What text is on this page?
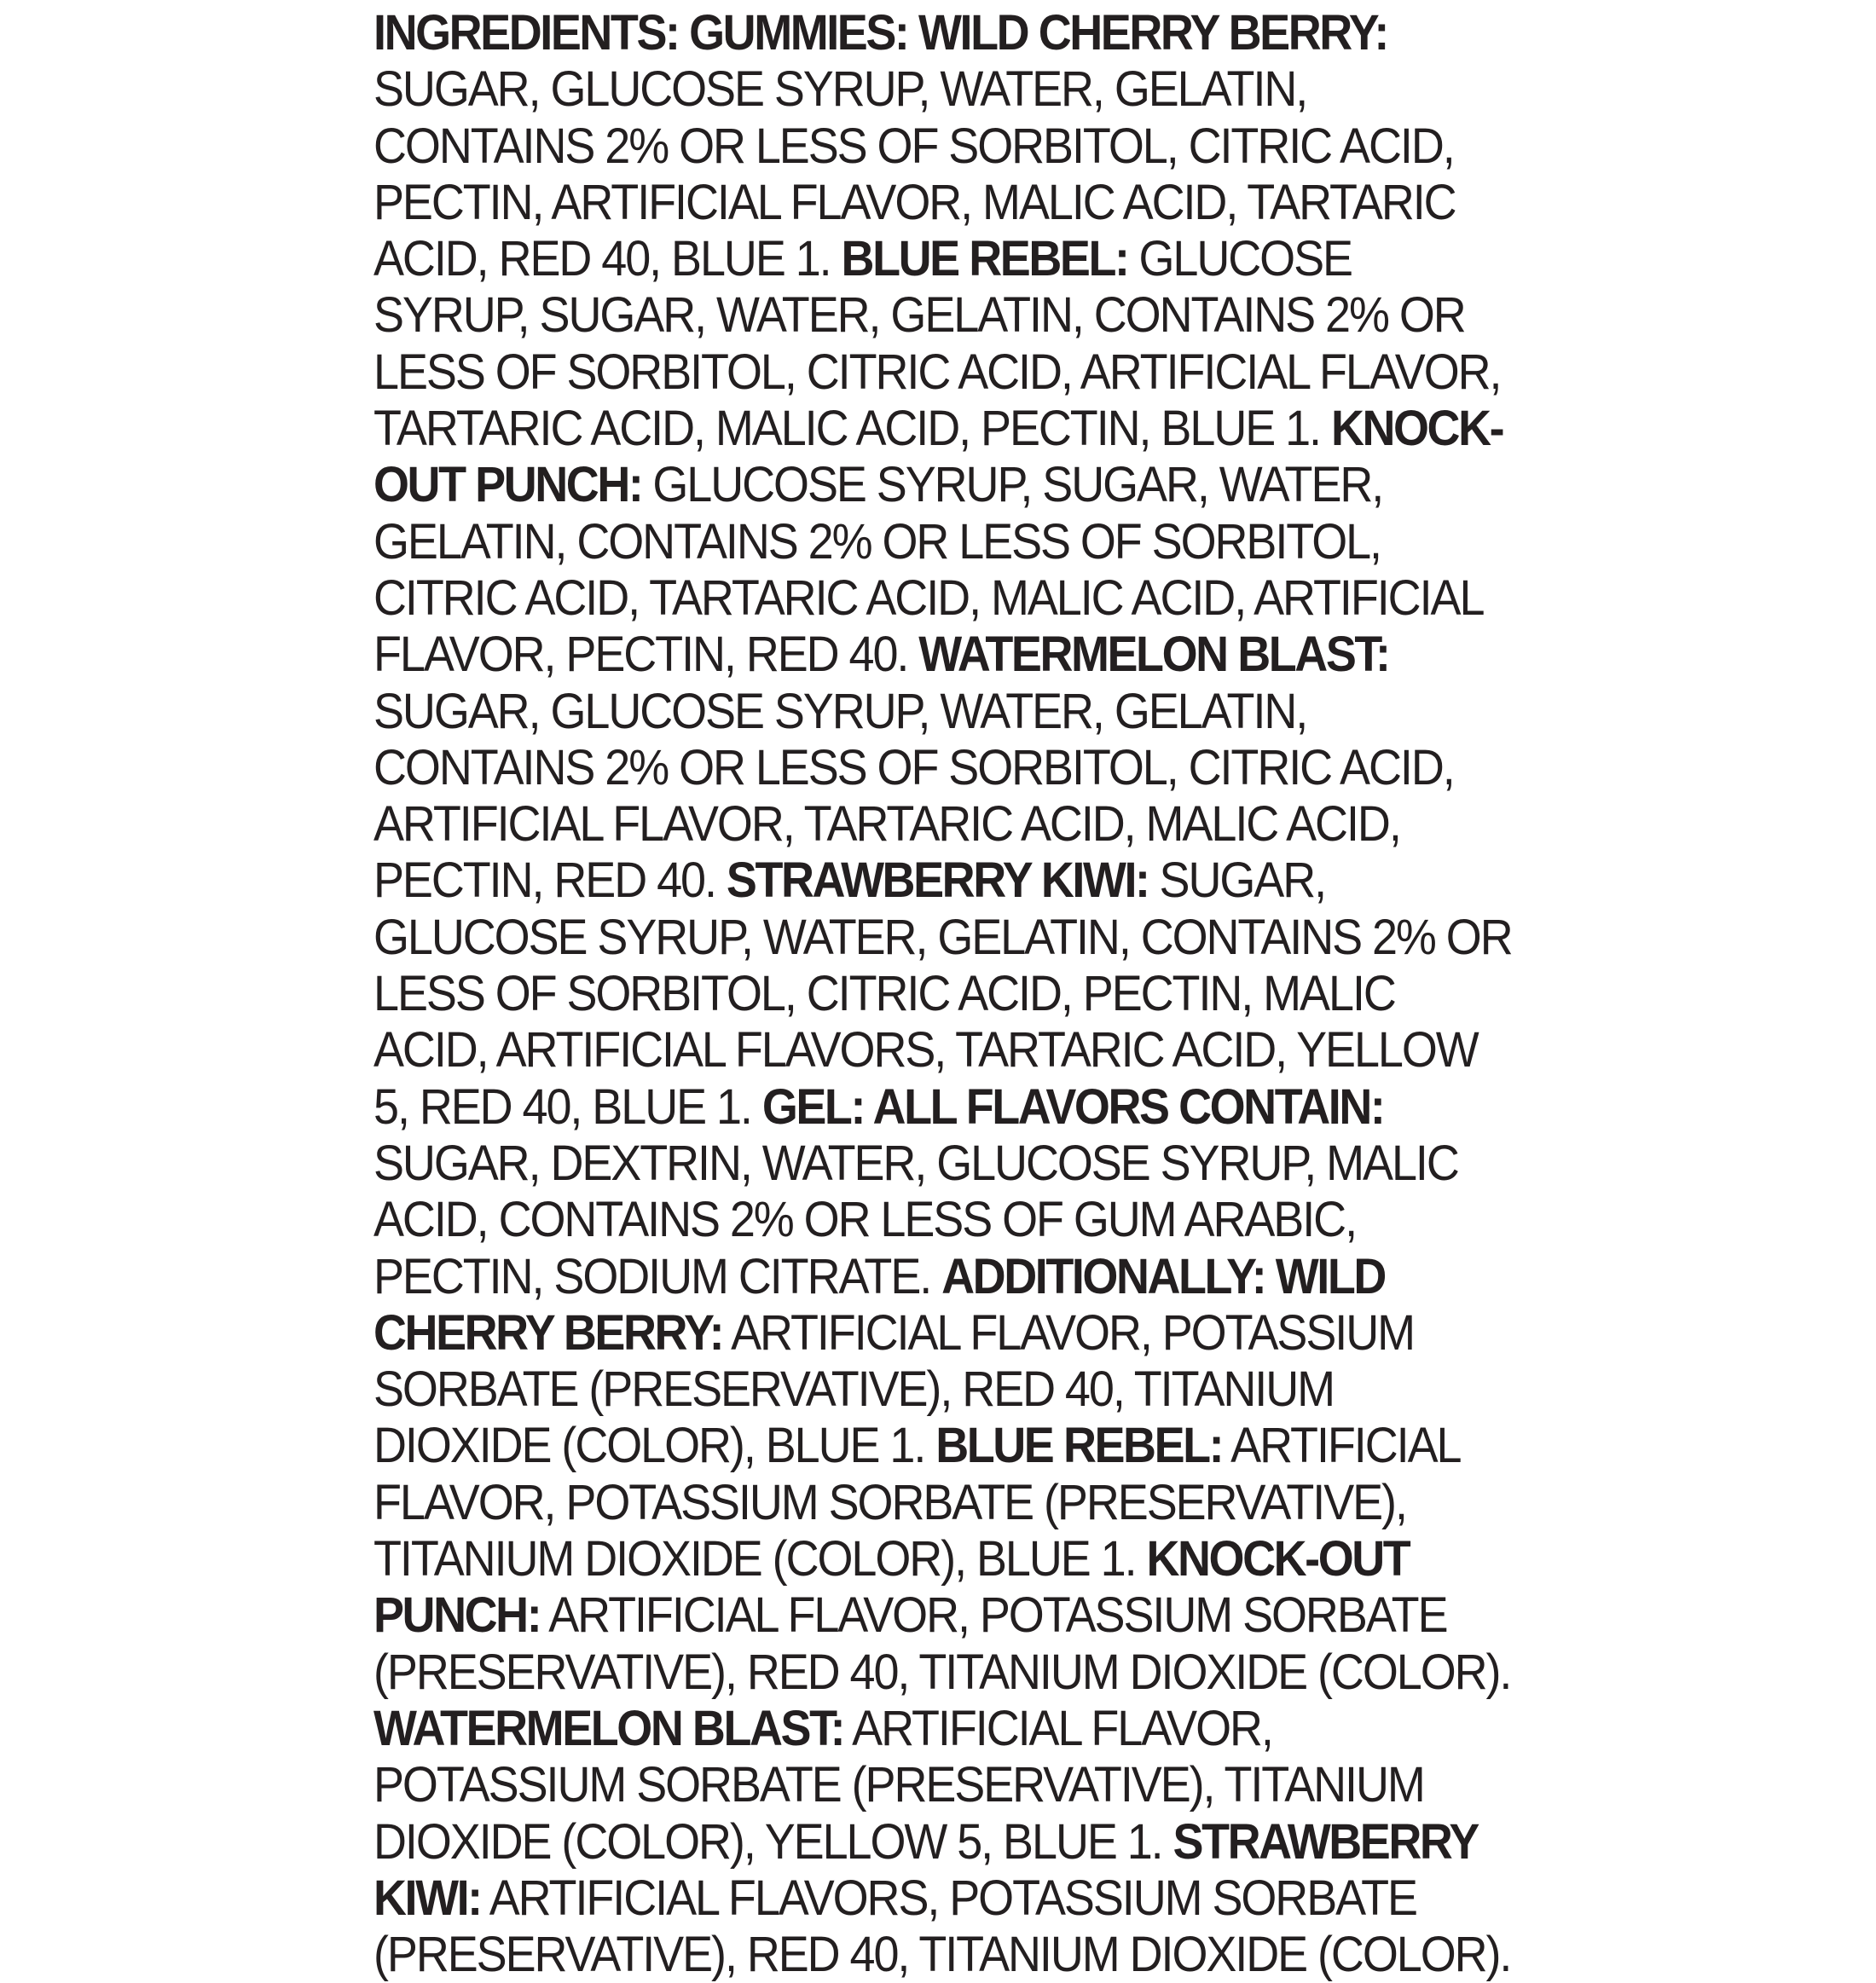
INGREDIENTS: GUMMIES: WILD CHERRY BERRY: SUGAR, GLUCOSE SYRUP, WATER, GELATIN, CONTAINS 2% OR LESS OF SORBITOL, CITRIC ACID, PECTIN, ARTIFICIAL FLAVOR, MALIC ACID, TARTARIC ACID, RED 40, BLUE 1. BLUE REBEL: GLUCOSE SYRUP, SUGAR, WATER, GELATIN, CONTAINS 2% OR LESS OF SORBITOL, CITRIC ACID, ARTIFICIAL FLAVOR, TARTARIC ACID, MALIC ACID, PECTIN, BLUE 1. KNOCK-OUT PUNCH: GLUCOSE SYRUP, SUGAR, WATER, GELATIN, CONTAINS 2% OR LESS OF SORBITOL, CITRIC ACID, TARTARIC ACID, MALIC ACID, ARTIFICIAL FLAVOR, PECTIN, RED 40. WATERMELON BLAST: SUGAR, GLUCOSE SYRUP, WATER, GELATIN, CONTAINS 2% OR LESS OF SORBITOL, CITRIC ACID, ARTIFICIAL FLAVOR, TARTARIC ACID, MALIC ACID, PECTIN, RED 40. STRAWBERRY KIWI: SUGAR, GLUCOSE SYRUP, WATER, GELATIN, CONTAINS 2% OR LESS OF SORBITOL, CITRIC ACID, PECTIN, MALIC ACID, ARTIFICIAL FLAVORS, TARTARIC ACID, YELLOW 5, RED 40, BLUE 1. GEL: ALL FLAVORS CONTAIN: SUGAR, DEXTRIN, WATER, GLUCOSE SYRUP, MALIC ACID, CONTAINS 2% OR LESS OF GUM ARABIC, PECTIN, SODIUM CITRATE. ADDITIONALLY: WILD CHERRY BERRY: ARTIFICIAL FLAVOR, POTASSIUM SORBATE (PRESERVATIVE), RED 40, TITANIUM DIOXIDE (COLOR), BLUE 1. BLUE REBEL: ARTIFICIAL FLAVOR, POTASSIUM SORBATE (PRESERVATIVE), TITANIUM DIOXIDE (COLOR), BLUE 1. KNOCK-OUT PUNCH: ARTIFICIAL FLAVOR, POTASSIUM SORBATE (PRESERVATIVE), RED 40, TITANIUM DIOXIDE (COLOR). WATERMELON BLAST: ARTIFICIAL FLAVOR, POTASSIUM SORBATE (PRESERVATIVE), TITANIUM DIOXIDE (COLOR), YELLOW 5, BLUE 1. STRAWBERRY KIWI: ARTIFICIAL FLAVORS, POTASSIUM SORBATE (PRESERVATIVE), RED 40, TITANIUM DIOXIDE (COLOR).
